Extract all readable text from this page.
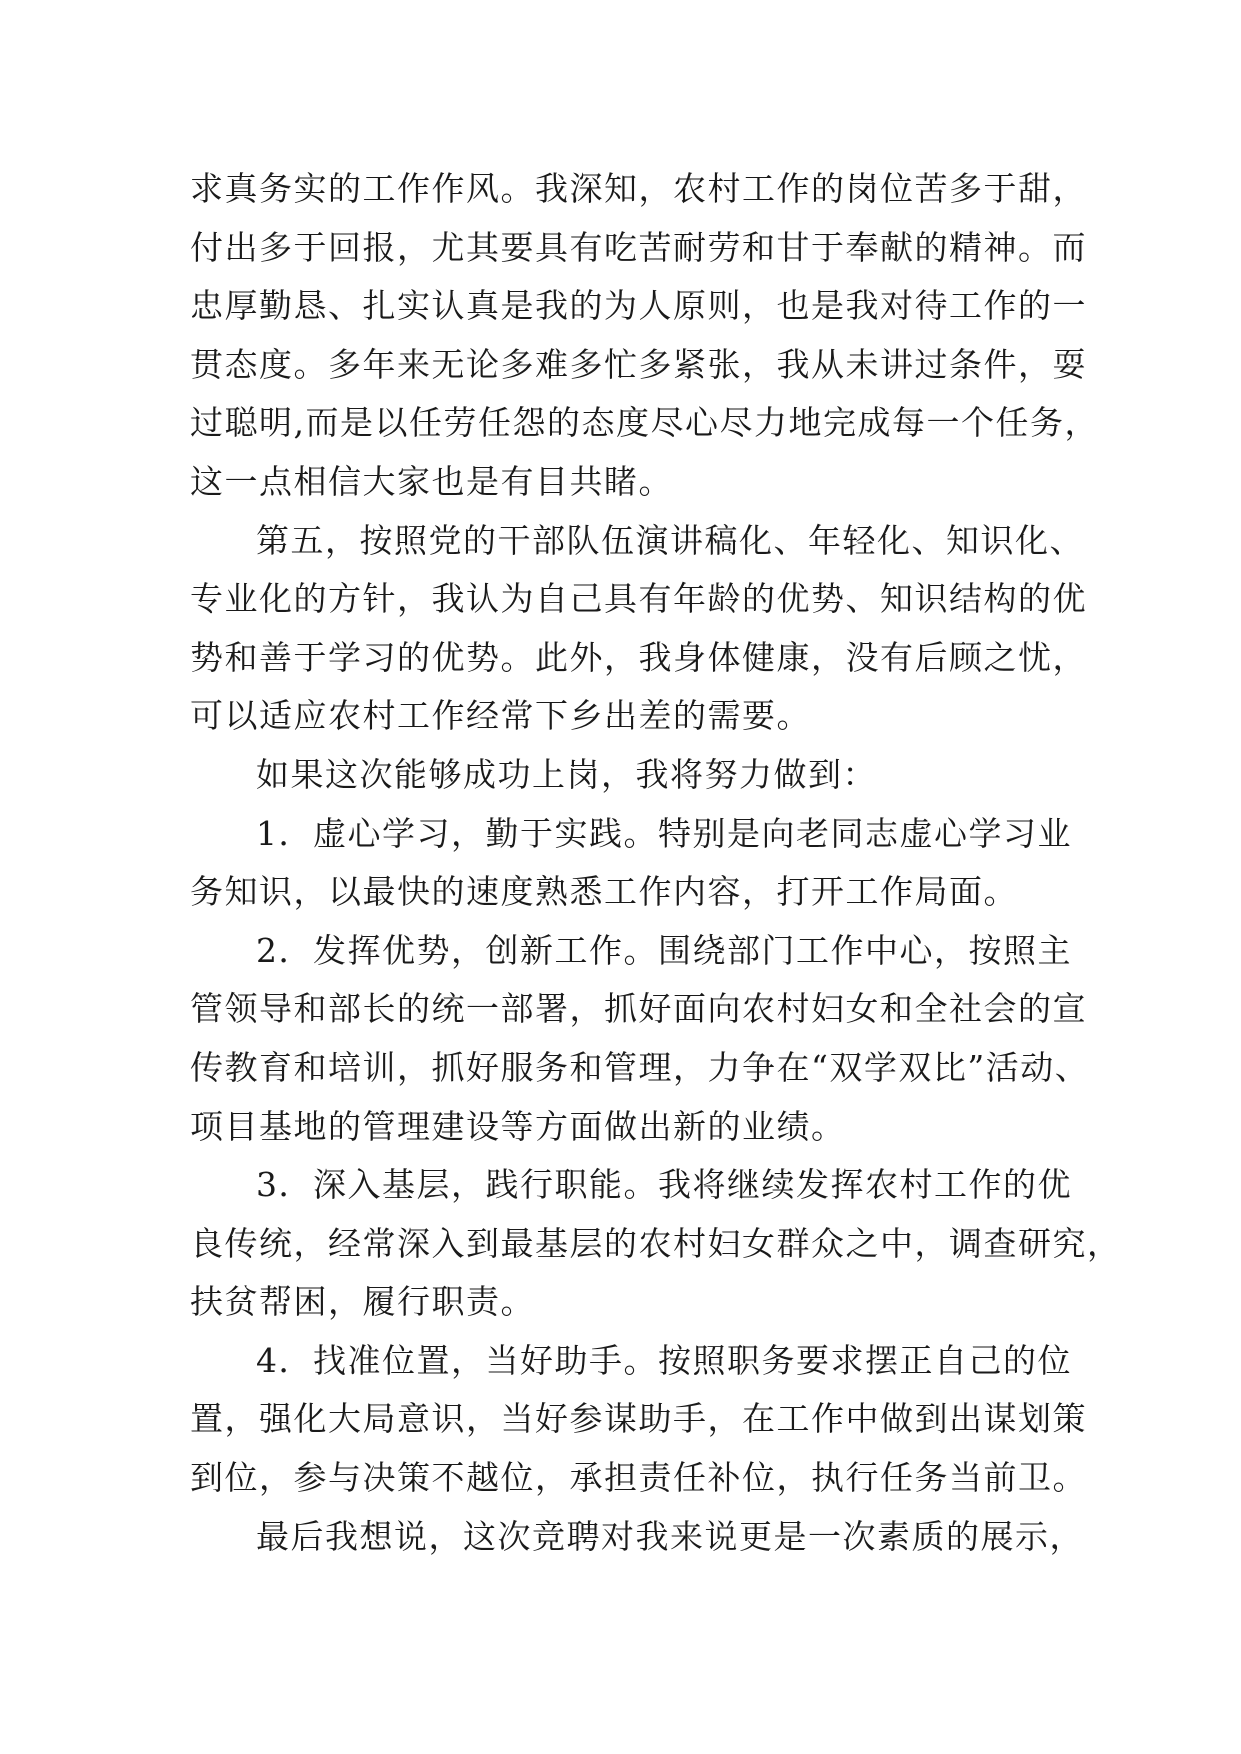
求真务实的工作作风。我深知，农村工作的岗位苦多于甜，
付出多于回报，尤其要具有吃苦耐劳和甘于奉献的精神。而
忠厚勤恳、扎实认真是我的为人原则，也是我对待工作的一
贯态度。多年来无论多难多忙多紧张，我从未讲过条件，耍
过聪明,而是以任劳任怨的态度尽心尽力地完成每一个任务，
这一点相信大家也是有目共睹。
第五，按照党的干部队伍演讲稿化、年轻化、知识化、
专业化的方针，我认为自己具有年龄的优势、知识结构的优
势和善于学习的优势。此外，我身体健康，没有后顾之忧，
可以适应农村工作经常下乡出差的需要。
如果这次能够成功上岗，我将努力做到：
1．虚心学习，勤于实践。特别是向老同志虚心学习业
务知识，以最快的速度熟悉工作内容，打开工作局面。
2．发挥优势，创新工作。围绕部门工作中心，按照主
管领导和部长的统一部署，抓好面向农村妇女和全社会的宣
传教育和培训，抓好服务和管理，力争在“双学双比”活动、
项目基地的管理建设等方面做出新的业绩。
3．深入基层，践行职能。我将继续发挥农村工作的优
良传统，经常深入到最基层的农村妇女群众之中，调查研究，
扶贫帮困，履行职责。
4．找准位置，当好助手。按照职务要求摆正自己的位
置，强化大局意识，当好参谋助手，在工作中做到出谋划策
到位，参与决策不越位，承担责任补位，执行任务当前卫。
最后我想说，这次竞聘对我来说更是一次素质的展示，
